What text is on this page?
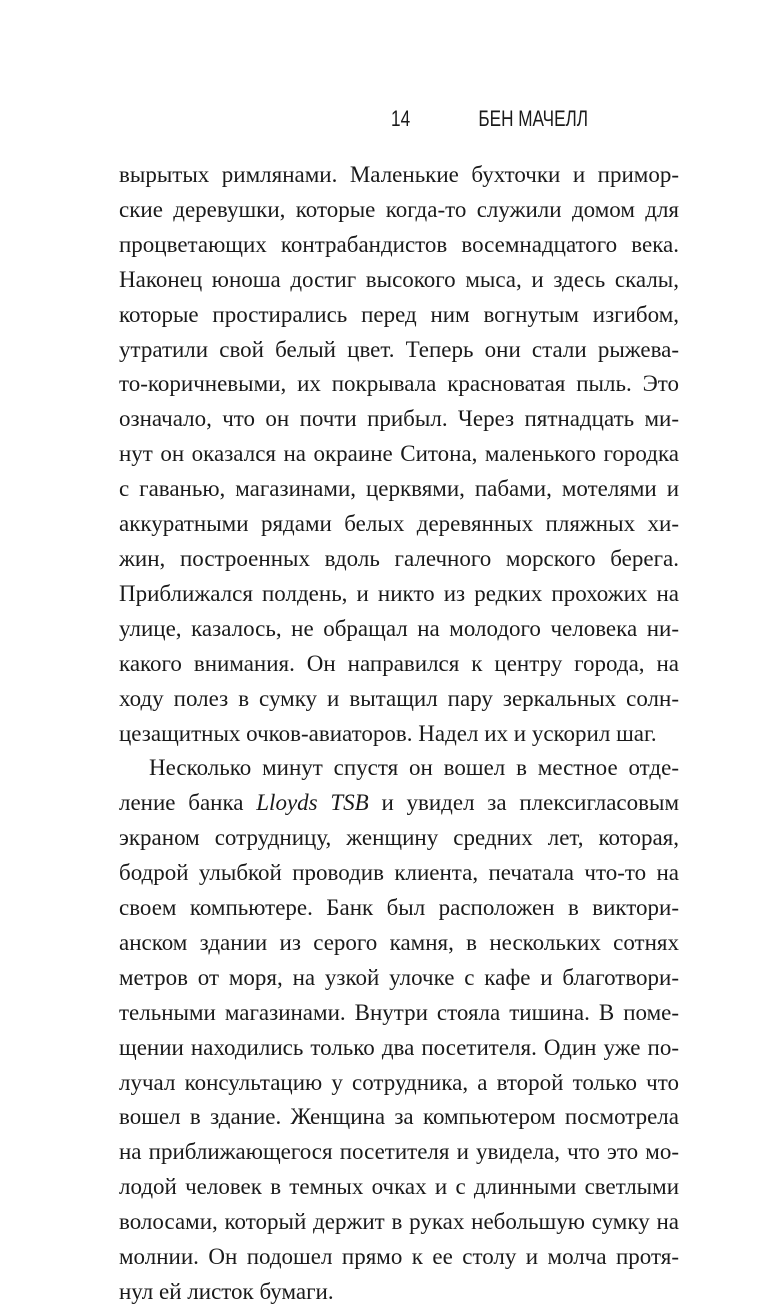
14	БЕН МАЧЕЛЛ
вырытых римлянами. Маленькие бухточки и примор-
ские деревушки, которые когда-то служили домом для
процветающих контрабандистов восемнадцатого века.
Наконец юноша достиг высокого мыса, и здесь скалы,
которые простирались перед ним вогнутым изгибом,
утратили свой белый цвет. Теперь они стали рыжева-
то-коричневыми, их покрывала красноватая пыль. Это
означало, что он почти прибыл. Через пятнадцать ми-
нут он оказался на окраине Ситона, маленького городка
с гаванью, магазинами, церквями, пабами, мотелями и
аккуратными рядами белых деревянных пляжных хи-
жин, построенных вдоль галечного морского берега.
Приближался полдень, и никто из редких прохожих на
улице, казалось, не обращал на молодого человека ни-
какого внимания. Он направился к центру города, на
ходу полез в сумку и вытащил пару зеркальных солн-
цезащитных очков-авиаторов. Надел их и ускорил шаг.
Несколько минут спустя он вошел в местное отде-
ление банка Lloyds TSB и увидел за плексигласовым
экраном сотрудницу, женщину средних лет, которая,
бодрой улыбкой проводив клиента, печатала что-то на
своем компьютере. Банк был расположен в виктори-
анском здании из серого камня, в нескольких сотнях
метров от моря, на узкой улочке с кафе и благотвори-
тельными магазинами. Внутри стояла тишина. В поме-
щении находились только два посетителя. Один уже по-
лучал консультацию у сотрудника, а второй только что
вошел в здание. Женщина за компьютером посмотрела
на приближающегося посетителя и увидела, что это мо-
лодой человек в темных очках и с длинными светлыми
волосами, который держит в руках небольшую сумку на
молнии. Он подошел прямо к ее столу и молча протя-
нул ей листок бумаги.
